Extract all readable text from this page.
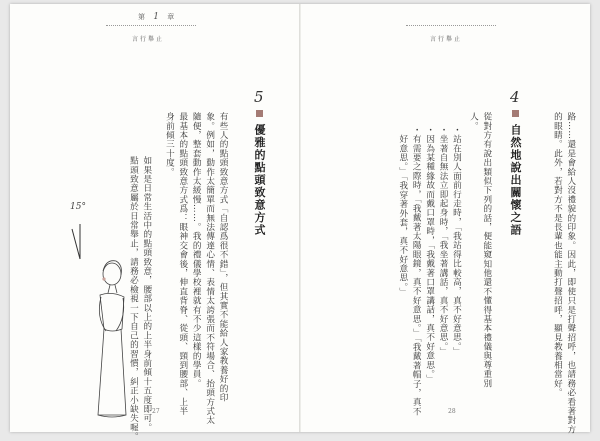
第 1 章
言行舉止
5
優雅的點頭致意方式
有些人的點頭致意方式「自認爲很不錯」，但其實不能給人家教養好的印
象。例如，動作太簡單而無法傳達心情、表情太誇張而不符場合、抬頭方式太
隨便，整套動作太緩慢……。我的禮儀學校裡就有不少這樣的學員。
最基本的點頭致意方式爲：眼神交會後，伸直背脊、從頭、頸到腰部、上半
身前傾三十度。
如果是日常生活中的點頭致意，腰部以上的上半身前傾十五度即可。
點頭致意屬於日常舉止，請務必檢視一下自己的習慣，糾正小缺失喔。
15°
27
言行舉止
路……還是會給人沒禮貌的印象。因此，即使只是打聲招呼，也請務必看著對方
的眼睛。此外，若對方不是長輩也能主動打聲招呼，顯見教養相當好。
4
自然地說出關懷之語
從對方有說出類似下列的話，便能窺知他還不懂得基本禮儀與尊重別
人。

・站在別人面前行走時，「我站得比較高，真不好意思。」
・坐著自無法立即起身時，「我坐著講話，真不好意思。」
・因為某種緣故而戴口罩時，「我戴著口罩講話，真不好意思。」
・有需要之際時，「我戴著太陽眼鏡，真不好意思。」「我戴著帽子，真不
　好意思。」「我穿著外套，真不好意思。」

28
